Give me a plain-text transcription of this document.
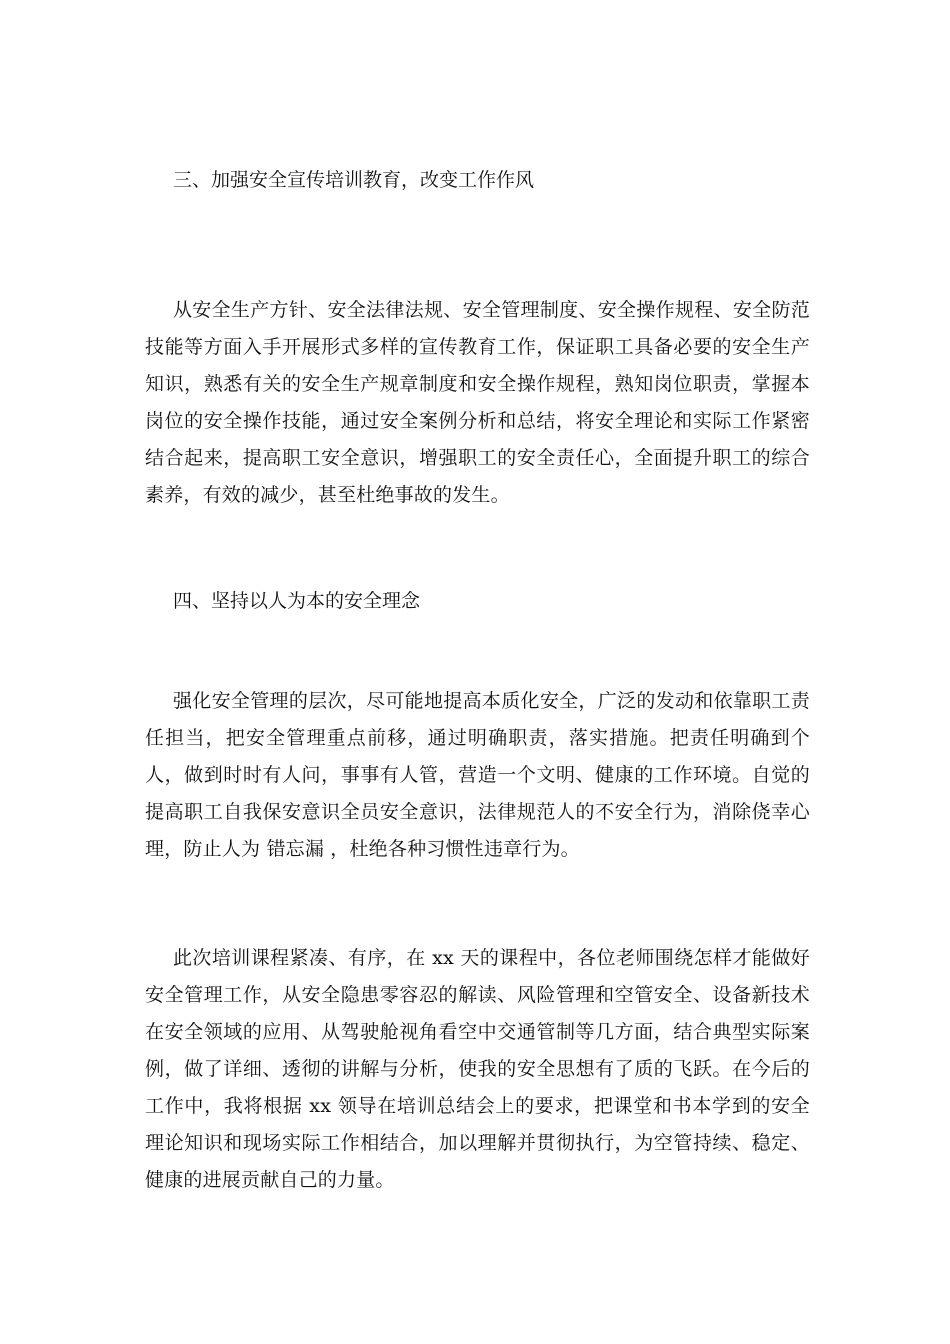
三、加强安全宣传培训教育，改变工作作风

从安全生产方针、安全法律法规、安全管理制度、安全操作规程、安全防范技能等方面入手开展形式多样的宣传教育工作，保证职工具备必要的安全生产知识，熟悉有关的安全生产规章制度和安全操作规程，熟知岗位职责，掌握本岗位的安全操作技能，通过安全案例分析和总结，将安全理论和实际工作紧密结合起来，提高职工安全意识，增强职工的安全责任心，全面提升职工的综合素养，有效的减少，甚至杜绝事故的发生。

四、坚持以人为本的安全理念

强化安全管理的层次，尽可能地提高本质化安全，广泛的发动和依靠职工责任担当，把安全管理重点前移，通过明确职责，落实措施。把责任明确到个人，做到时时有人问，事事有人管，营造一个文明、健康的工作环境。自觉的提高职工自我保安意识全员安全意识，法律规范人的不安全行为，消除侥幸心理，防止人为 错忘漏 ，杜绝各种习惯性违章行为。

此次培训课程紧凑、有序，在 xx 天的课程中，各位老师围绕怎样才能做好安全管理工作，从安全隐患零容忍的解读、风险管理和空管安全、设备新技术在安全领域的应用、从驾驶舱视角看空中交通管制等几方面，结合典型实际案例，做了详细、透彻的讲解与分析，使我的安全思想有了质的飞跃。在今后的工作中，我将根据 xx 领导在培训总结会上的要求，把课堂和书本学到的安全理论知识和现场实际工作相结合，加以理解并贯彻执行，为空管持续、稳定、健康的进展贡献自己的力量。
